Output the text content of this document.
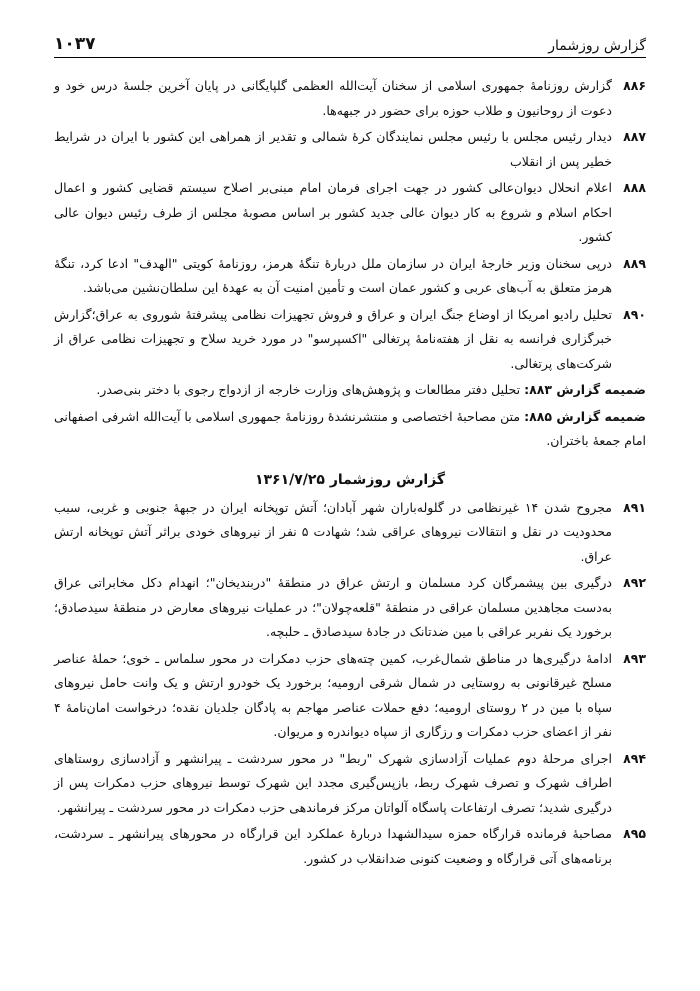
گزارش روزشمار
۱۰۳۷
۸۸۶
گزارش روزنامهٔ جمهوری اسلامی از سخنان آیت‌الله العظمی گلپایگانی در پایان آخرین جلسهٔ درس خود و دعوت از روحانیون و طلاب حوزه برای حضور در جبهه‌ها.
۸۸۷
دیدار رئیس مجلس با رئیس مجلس نمایندگان کرهٔ شمالی و تقدیر از همراهی این کشور با ایران در شرایط خطیر پس از انقلاب
۸۸۸
اعلام انحلال دیوان‌عالی کشور در جهت اجرای فرمان امام مبنی‌بر اصلاح سیستم قضایی کشور و اعمال احکام اسلام و شروع به کار دیوان عالی جدید کشور بر اساس مصوبهٔ مجلس از طرف رئیس دیوان عالی کشور.
۸۸۹
درپی سخنان وزیر خارجهٔ ایران در سازمان ملل دربارهٔ تنگهٔ هرمز، روزنامهٔ کویتی "الهدف" ادعا کرد، تنگهٔ هرمز متعلق به آب‌های عربی و کشور عمان است و تأمین امنیت آن به عهدهٔ این سلطان‌نشین می‌باشد.
۸۹۰
تحلیل رادیو امریکا از اوضاع جنگ ایران و عراق و فروش تجهیزات نظامی پیشرفتهٔ شوروی به عراق؛گزارش خبرگزاری فرانسه به نقل از هفته‌نامهٔ پرتغالی "اکسپرسو" در مورد خرید سلاح و تجهیزات نظامی عراق از شرکت‌های پرتغالی.
ضمیمه گزارش ۸۸۳: تحلیل دفتر مطالعات و پژوهش‌های وزارت خارجه از ازدواج رجوی با دختر بنی‌صدر.
ضمیمه گزارش ۸۸۵: متن مصاحبهٔ اختصاصی و منتشرنشدهٔ روزنامهٔ جمهوری اسلامی با آیت‌الله اشرفی اصفهانی امام جمعهٔ باختران.
گزارش روزشمار ۱۳۶۱/۷/۲۵
۸۹۱
مجروح شدن ۱۴ غیرنظامی در گلوله‌باران شهر آبادان؛ آتش توپخانه ایران در جبههٔ جنوبی و غربی، سبب محدودیت در نقل و انتقالات نیروهای عراقی شد؛ شهادت ۵ نفر از نیروهای خودی براثر آتش توپخانه ارتش عراق.
۸۹۲
درگیری بین پیشمرگان کرد مسلمان و ارتش عراق در منطقهٔ "دربندیخان"؛ انهدام دکل مخابراتی عراق به‌دست مجاهدین مسلمان عراقی در منطقهٔ "قلعه‌چولان"؛ در عملیات نیروهای معارض در منطقهٔ سیدصادق؛ برخورد یک نفربر عراقی با مین ضدتانک در جادهٔ سیدصادق ـ حلبچه.
۸۹۳
ادامهٔ درگیری‌ها در مناطق شمال‌غرب، کمین چته‌های حزب دمکرات در محور سلماس ـ خوی؛ حملهٔ عناصر مسلح غیرقانونی به روستایی در شمال شرقی ارومیه؛ برخورد یک خودرو ارتش و یک وانت حامل نیروهای سپاه با مین در ۲ روستای ارومیه؛ دفع حملات عناصر مهاجم به پادگان جلدیان نقده؛ درخواست امان‌نامهٔ ۴ نفر از اعضای حزب دمکرات و رزگاری از سپاه دیواندره و مریوان.
۸۹۴
اجرای مرحلهٔ دوم عملیات آزادسازی شهرک "ربط" در محور سردشت ـ پیرانشهر و آزادسازی روستاهای اطراف شهرک و تصرف شهرک ربط، بازپس‌گیری مجدد این شهرک توسط نیروهای حزب دمکرات پس از درگیری شدید؛ تصرف ارتفاعات پاسگاه آلواتان مرکز فرماندهی حزب دمکرات در محور سردشت ـ پیرانشهر.
۸۹۵
مصاحبهٔ فرمانده قرارگاه حمزه سیدالشهدا دربارهٔ عملکرد این قرارگاه در محورهای پیرانشهر ـ سردشت، برنامه‌های آتی قرارگاه و وضعیت کنونی ضدانقلاب در کشور.
